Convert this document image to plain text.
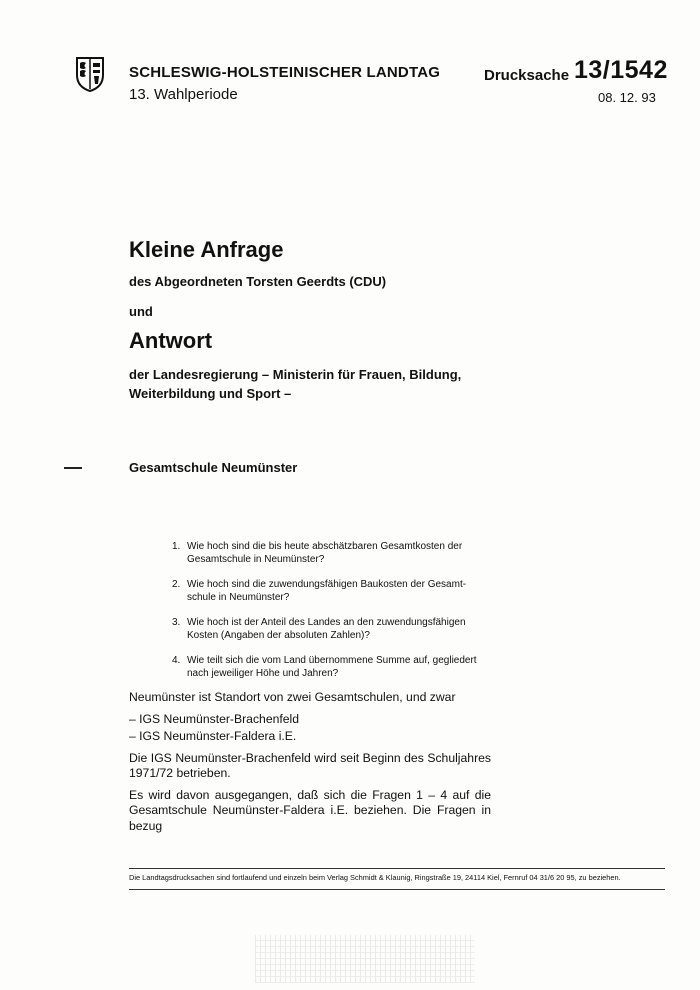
SCHLESWIG-HOLSTEINISCHER LANDTAG
13. Wahlperiode
Drucksache 13/1542
08. 12. 93
Kleine Anfrage
des Abgeordneten Torsten Geerdts (CDU)
und
Antwort
der Landesregierung – Ministerin für Frauen, Bildung,
Weiterbildung und Sport –
Gesamtschule Neumünster
1. Wie hoch sind die bis heute abschätzbaren Gesamtkosten der
Gesamtschule in Neumünster?
2. Wie hoch sind die zuwendungsfähigen Baukosten der Gesamt-
schule in Neumünster?
3. Wie hoch ist der Anteil des Landes an den zuwendungsfähigen
Kosten (Angaben der absoluten Zahlen)?
4. Wie teilt sich die vom Land übernommene Summe auf, gegliedert
nach jeweiliger Höhe und Jahren?

Neumünster ist Standort von zwei Gesamtschulen, und zwar

– IGS Neumünster-Brachenfeld
– IGS Neumünster-Faldera i.E.

Die IGS Neumünster-Brachenfeld wird seit Beginn des Schuljahres 1971/72 betrieben.

Es wird davon ausgegangen, daß sich die Fragen 1 – 4 auf die Gesamtschule Neumünster-Faldera i.E. beziehen. Die Fragen in bezug

Die Landtagsdrucksachen sind fortlaufend und einzeln beim Verlag Schmidt & Klaunig, Ringstraße 19, 24114 Kiel, Fernruf 04 31/6 20 95, zu beziehen.
